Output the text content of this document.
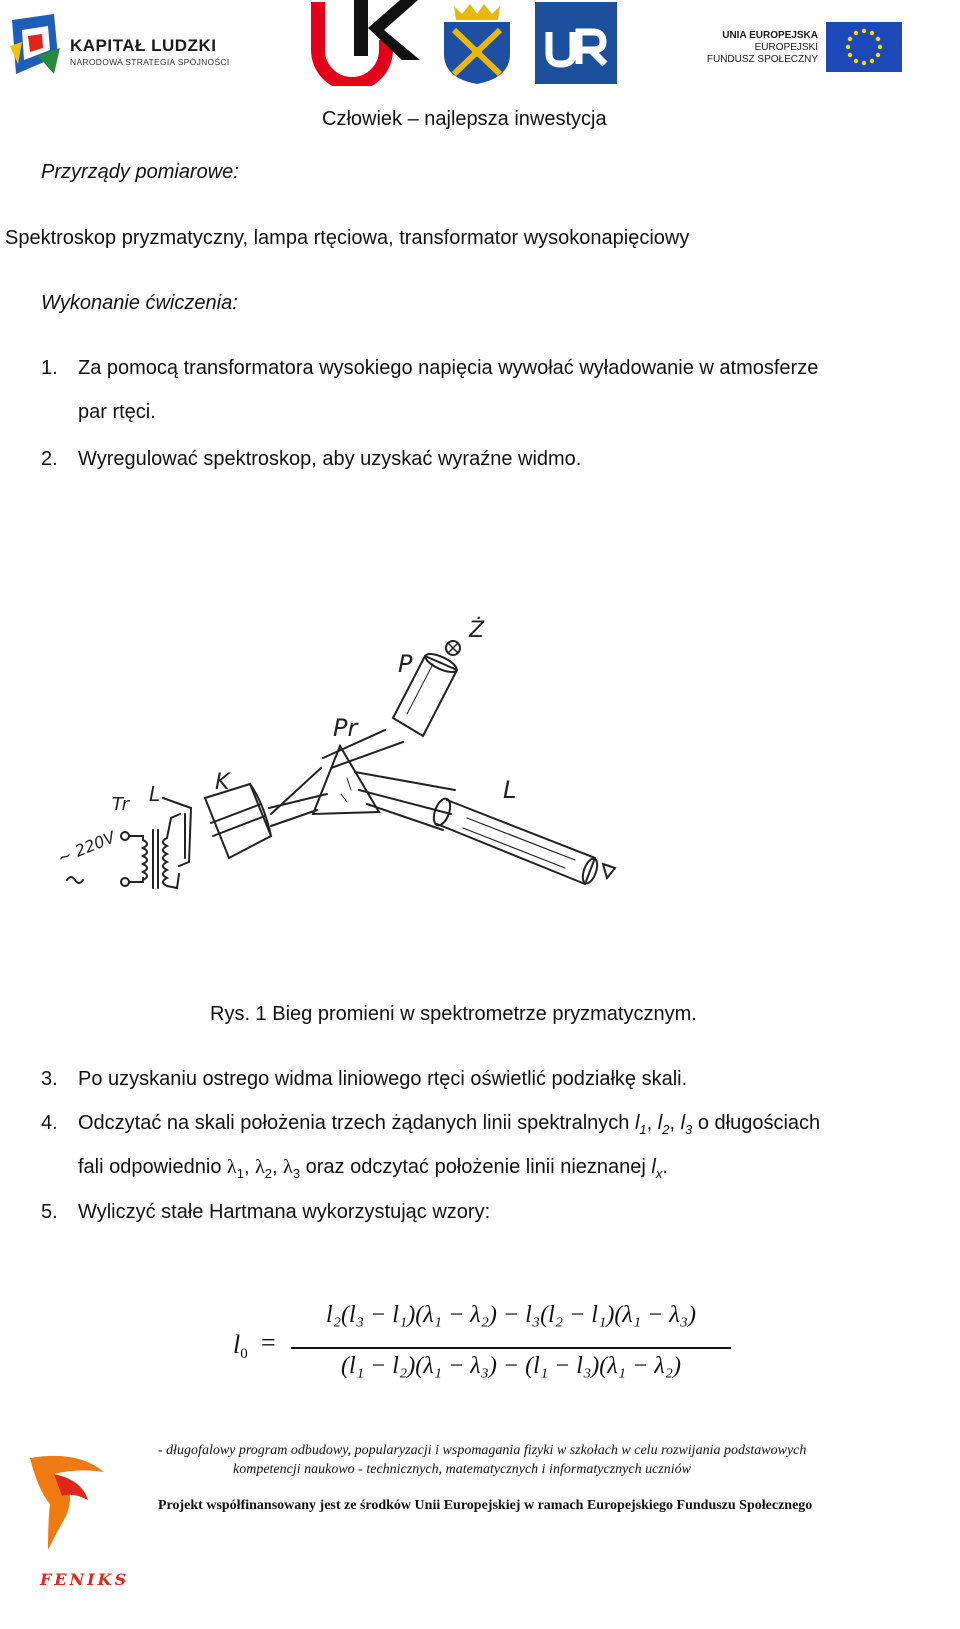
KAPITAŁ LUDZKI
NARODOWA STRATEGIA SPÓJNOŚCI
UNIA EUROPEJSKA
EUROPEJSKI
FUNDUSZ SPOŁECZNY
Człowiek – najlepsza inwestycja
Przyrządy pomiarowe:
Spektroskop pryzmatyczny, lampa rtęciowa, transformator wysokonapięciowy
Wykonanie ćwiczenia:
1. Za pomocą transformatora wysokiego napięcia wywołać wyładowanie w atmosferze
par rtęci.
2. Wyregulować spektroskop, aby uzyskać wyraźne widmo.
Tr L K
Pr
P
Ż
L
~ 220V
Rys. 1 Bieg promieni w spektrometrze pryzmatycznym.
3. Po uzyskaniu ostrego widma liniowego rtęci oświetlić podziałkę skali.
4. Odczytać na skali położenia trzech żądanych linii spektralnych $l_1$ , $l_2$ , $l_3$ o długościach
fali odpowiednio $\lambda_1$, $\lambda_2$, $\lambda_3$ oraz odczytać położenie linii nieznanej $l_x$.
5. Wyliczyć stałe Hartmana wykorzystując wzory:
$l_0$ =
l₂(l₃ − l₁)(λ₁ − λ₂) − l₃(l₂ − l₁)(λ₁ − λ₃)
(l₁ − l₂)(λ₁ − λ₃) − (l₁ − l₃)(λ₁ − λ₂)
FENIKS
- długofalowy program odbudowy, popularyzacji i wspomagania fizyki w szkołach w celu rozwijania podstawowych
kompetencji naukowo - technicznych, matematycznych i informatycznych uczniów
Projekt współfinansowany jest ze środków Unii Europejskiej w ramach Europejskiego Funduszu Społecznego
